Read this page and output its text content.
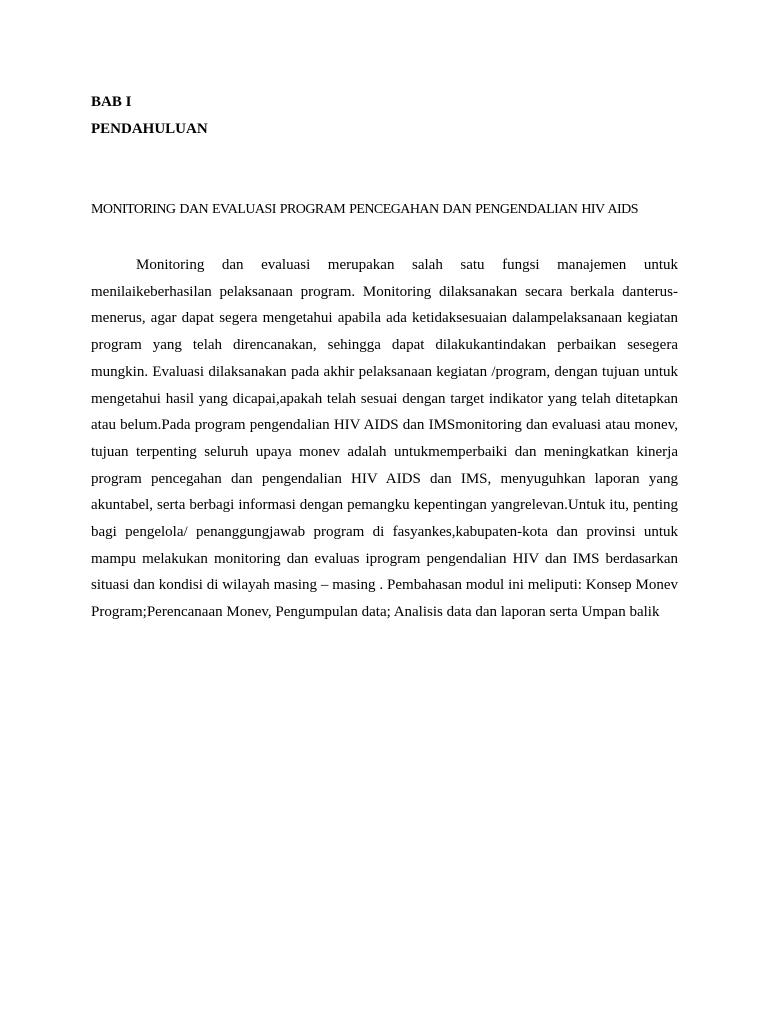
BAB I
PENDAHULUAN
MONITORING DAN EVALUASI PROGRAM PENCEGAHAN DAN PENGENDALIAN HIV AIDS

Monitoring dan evaluasi merupakan salah satu fungsi manajemen untuk menilaikeberhasilan pelaksanaan program. Monitoring dilaksanakan secara berkala danterus-menerus, agar dapat segera mengetahui apabila ada ketidaksesuaian dalampelaksanaan kegiatan program yang telah direncanakan, sehingga dapat dilakukantindakan perbaikan sesegera mungkin. Evaluasi dilaksanakan pada akhir pelaksanaan kegiatan /program, dengan tujuan untuk mengetahui hasil yang dicapai,apakah telah sesuai dengan target indikator yang telah ditetapkan atau belum.Pada program pengendalian HIV AIDS dan IMSmonitoring dan evaluasi atau monev, tujuan terpenting seluruh upaya monev adalah untukmemperbaiki dan meningkatkan kinerja program pencegahan dan pengendalian HIV AIDS dan IMS, menyuguhkan laporan yang akuntabel, serta berbagi informasi dengan pemangku kepentingan yangrelevan.Untuk itu, penting bagi pengelola/ penanggungjawab program di fasyankes,kabupaten-kota dan provinsi untuk mampu melakukan monitoring dan evaluas iprogram pengendalian HIV dan IMS berdasarkan situasi dan kondisi di wilayah masing – masing . Pembahasan modul ini meliputi: Konsep Monev Program;Perencanaan Monev, Pengumpulan data; Analisis data dan laporan serta Umpan balik
